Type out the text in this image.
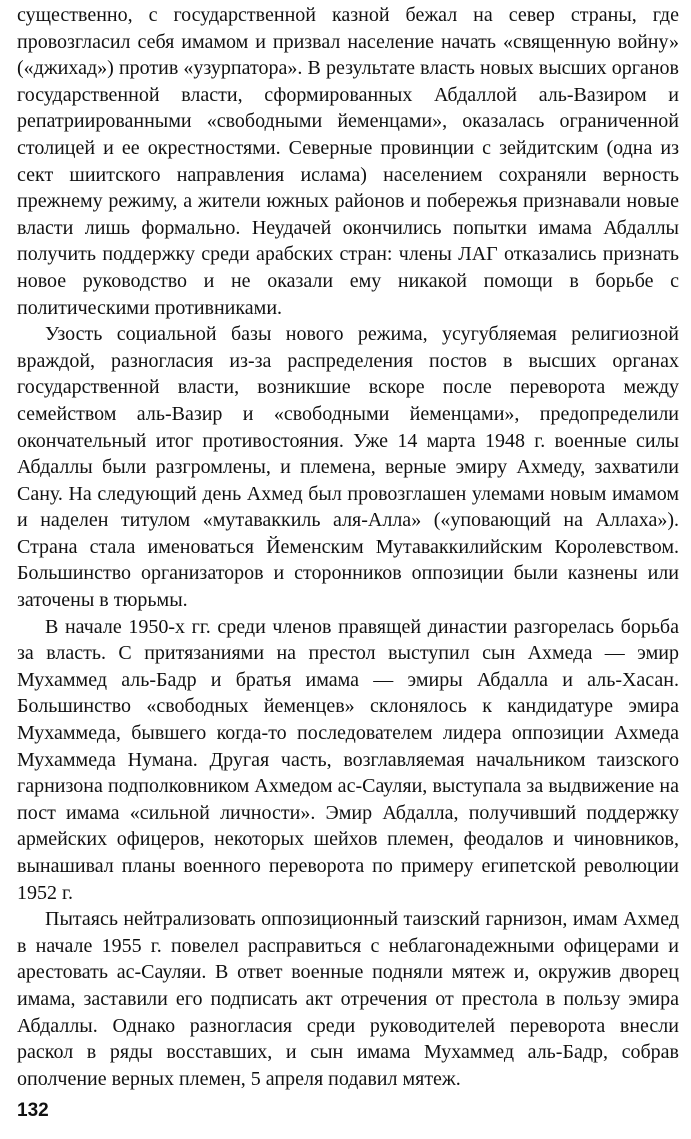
существенно, с государственной казной бежал на север страны, где провозгласил себя имамом и призвал население начать «священную войну» («джихад») против «узурпатора». В результате власть новых высших органов государственной власти, сформированных Абдаллой аль-Вазиром и репатриированными «свободными йеменцами», оказалась ограниченной столицей и ее окрестностями. Северные провинции с зейдитским (одна из сект шиитского направления ислама) населением сохраняли верность прежнему режиму, а жители южных районов и побережья признавали новые власти лишь формально. Неудачей окончились попытки имама Абдаллы получить поддержку среди арабских стран: члены ЛАГ отказались признать новое руководство и не оказали ему никакой помощи в борьбе с политическими противниками.

Узость социальной базы нового режима, усугубляемая религиозной враждой, разногласия из-за распределения постов в высших органах государственной власти, возникшие вскоре после переворота между семейством аль-Вазир и «свободными йеменцами», предопределили окончательный итог противостояния. Уже 14 марта 1948 г. военные силы Абдаллы были разгромлены, и племена, верные эмиру Ахмеду, захватили Сану. На следующий день Ахмед был провозглашен улемами новым имамом и наделен титулом «мутаваккиль аля-Алла» («уповающий на Аллаха»). Страна стала именоваться Йеменским Мутаваккилийским Королевством. Большинство организаторов и сторонников оппозиции были казнены или заточены в тюрьмы.

В начале 1950-х гг. среди членов правящей династии разгорелась борьба за власть. С притязаниями на престол выступил сын Ахмеда — эмир Мухаммед аль-Бадр и братья имама — эмиры Абдалла и аль-Хасан. Большинство «свободных йеменцев» склонялось к кандидатуре эмира Мухаммеда, бывшего когда-то последователем лидера оппозиции Ахмеда Мухаммеда Нумана. Другая часть, возглавляемая начальником таизского гарнизона подполковником Ахмедом ас-Сауляи, выступала за выдвижение на пост имама «сильной личности». Эмир Абдалла, получивший поддержку армейских офицеров, некоторых шейхов племен, феодалов и чиновников, вынашивал планы военного переворота по примеру египетской революции 1952 г.

Пытаясь нейтрализовать оппозиционный таизский гарнизон, имам Ахмед в начале 1955 г. повелел расправиться с неблагонадежными офицерами и арестовать ас-Сауляи. В ответ военные подняли мятеж и, окружив дворец имама, заставили его подписать акт отречения от престола в пользу эмира Абдаллы. Однако разногласия среди руководителей переворота внесли раскол в ряды восставших, и сын имама Мухаммед аль-Бадр, собрав ополчение верных племен, 5 апреля подавил мятеж.

132
